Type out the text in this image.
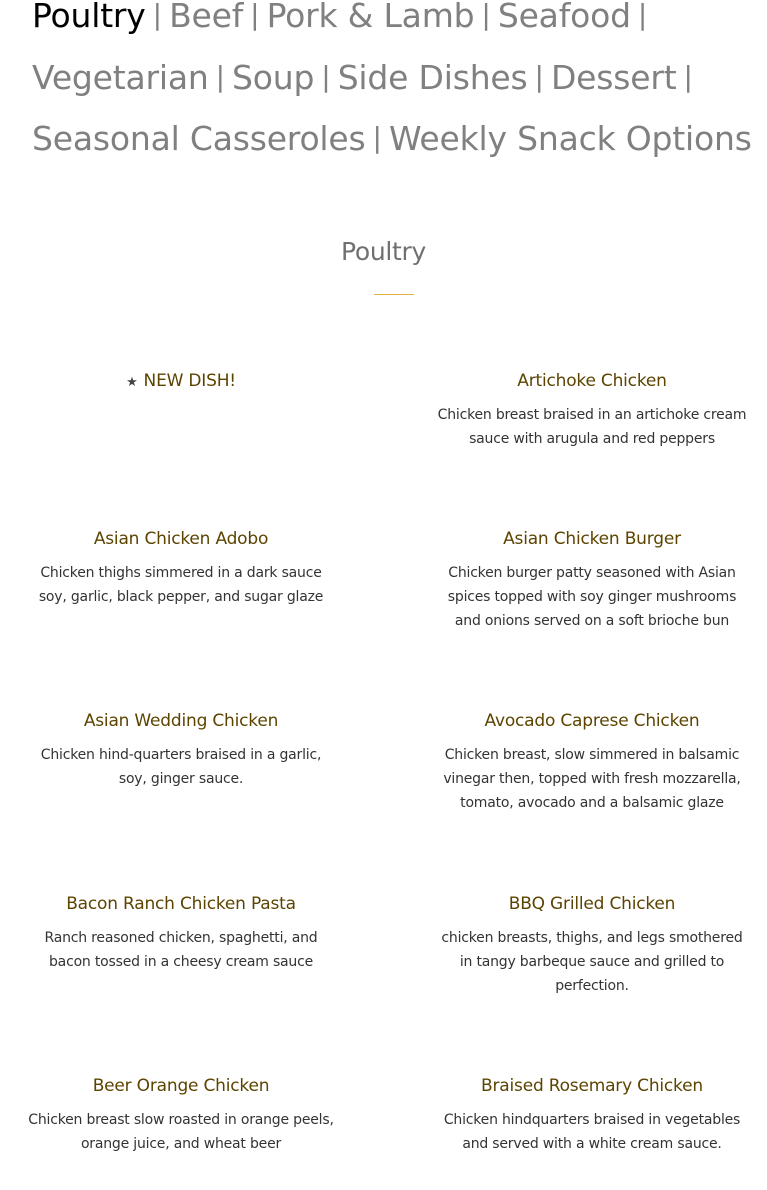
Poultry | Beef | Pork & Lamb | Seafood |
Vegetarian | Soup | Side Dishes | Dessert |
Seasonal Casseroles | Weekly Snack Options
Poultry
★ NEW DISH!	Artichoke Chicken

Chicken breast braised in an artichoke cream sauce with arugula and red peppers

Asian Chicken Adobo

Chicken thighs simmered in a dark sauce soy, garlic, black pepper, and sugar glaze

Asian Chicken Burger

Chicken burger patty seasoned with Asian spices topped with soy ginger mushrooms and onions served on a soft brioche bun

Asian Wedding Chicken

Chicken hind-quarters braised in a garlic, soy, ginger sauce.

Avocado Caprese Chicken

Chicken breast, slow simmered in balsamic vinegar then, topped with fresh mozzarella, tomato, avocado and a balsamic glaze

Bacon Ranch Chicken Pasta

Ranch reasoned chicken, spaghetti, and bacon tossed in a cheesy cream sauce

BBQ Grilled Chicken

chicken breasts, thighs, and legs smothered in tangy barbeque sauce and grilled to perfection.

Beer Orange Chicken

Chicken breast slow roasted in orange peels, orange juice, and wheat beer

Braised Rosemary Chicken

Chicken hindquarters braised in vegetables and served with a white cream sauce.
